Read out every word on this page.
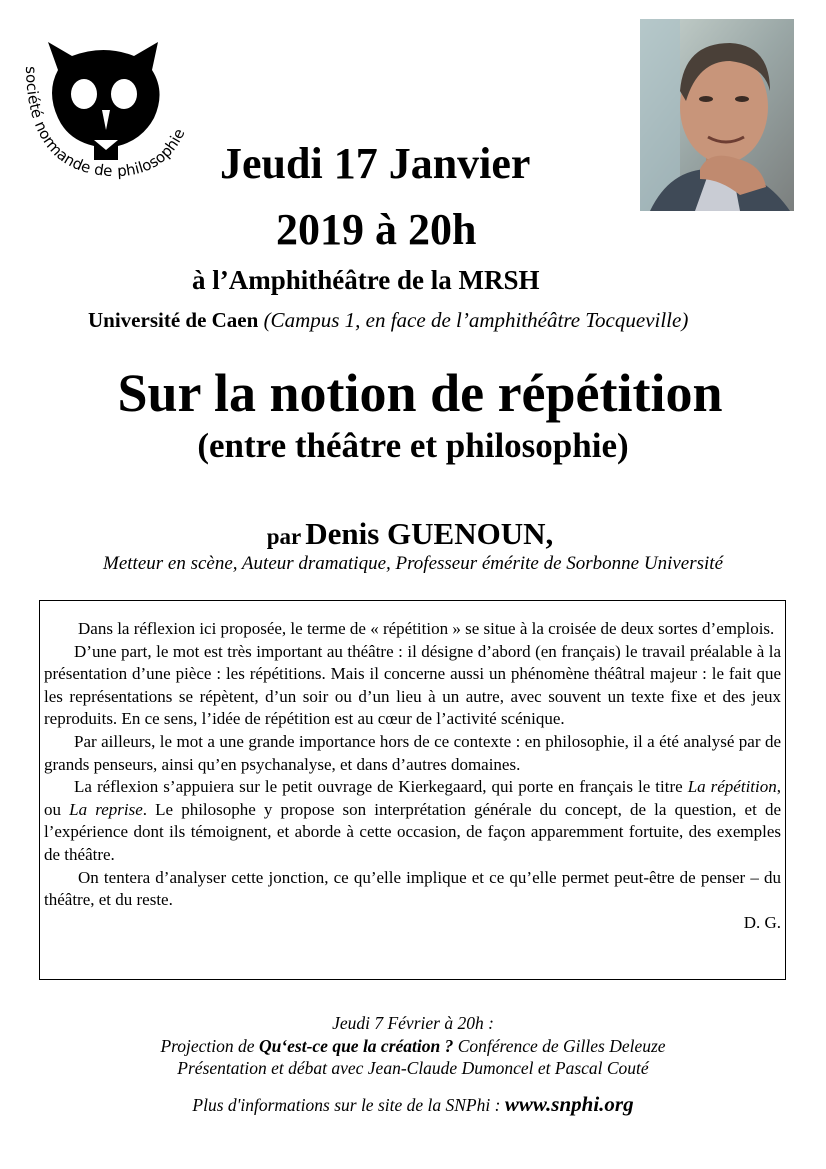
société normande de philosophie
Jeudi 17 Janvier
2019 à 20h
à l’Amphithéâtre de la MRSH
Université de Caen (Campus 1, en face de l’amphithéâtre Tocqueville)
Sur la notion de répétition
(entre théâtre et philosophie)
par Denis GUENOUN,
Metteur en scène, Auteur dramatique, Professeur émérite de Sorbonne Université

Dans la réflexion ici proposée, le terme de « répétition » se situe à la croisée de deux sortes d’emplois.

D’une part, le mot est très important au théâtre : il désigne d’abord (en français) le travail préalable à la présentation d’une pièce : les répétitions. Mais il concerne aussi un phénomène théâtral majeur : le fait que les représentations se répètent, d’un soir ou d’un lieu à un autre, avec souvent un texte fixe et des jeux reproduits. En ce sens, l’idée de répétition est au cœur de l’activité scénique.

Par ailleurs, le mot a une grande importance hors de ce contexte : en philosophie, il a été analysé par de grands penseurs, ainsi qu’en psychanalyse, et dans d’autres domaines.

La réflexion s’appuiera sur le petit ouvrage de Kierkegaard, qui porte en français le titre La répétition, ou La reprise. Le philosophe y propose son interprétation générale du concept, de la question, et de l’expérience dont ils témoignent, et aborde à cette occasion, de façon apparemment fortuite, des exemples de théâtre.

On tentera d’analyser cette jonction, ce qu’elle implique et ce qu’elle permet peut-être de penser – du théâtre, et du reste.

D. G.

Jeudi 7 Février à 20h :
Projection de Qu‘est-ce que la création ? Conférence de Gilles Deleuze
Présentation et débat avec Jean-Claude Dumoncel et Pascal Couté
Plus d'informations sur le site de la SNPhi : www.snphi.org
